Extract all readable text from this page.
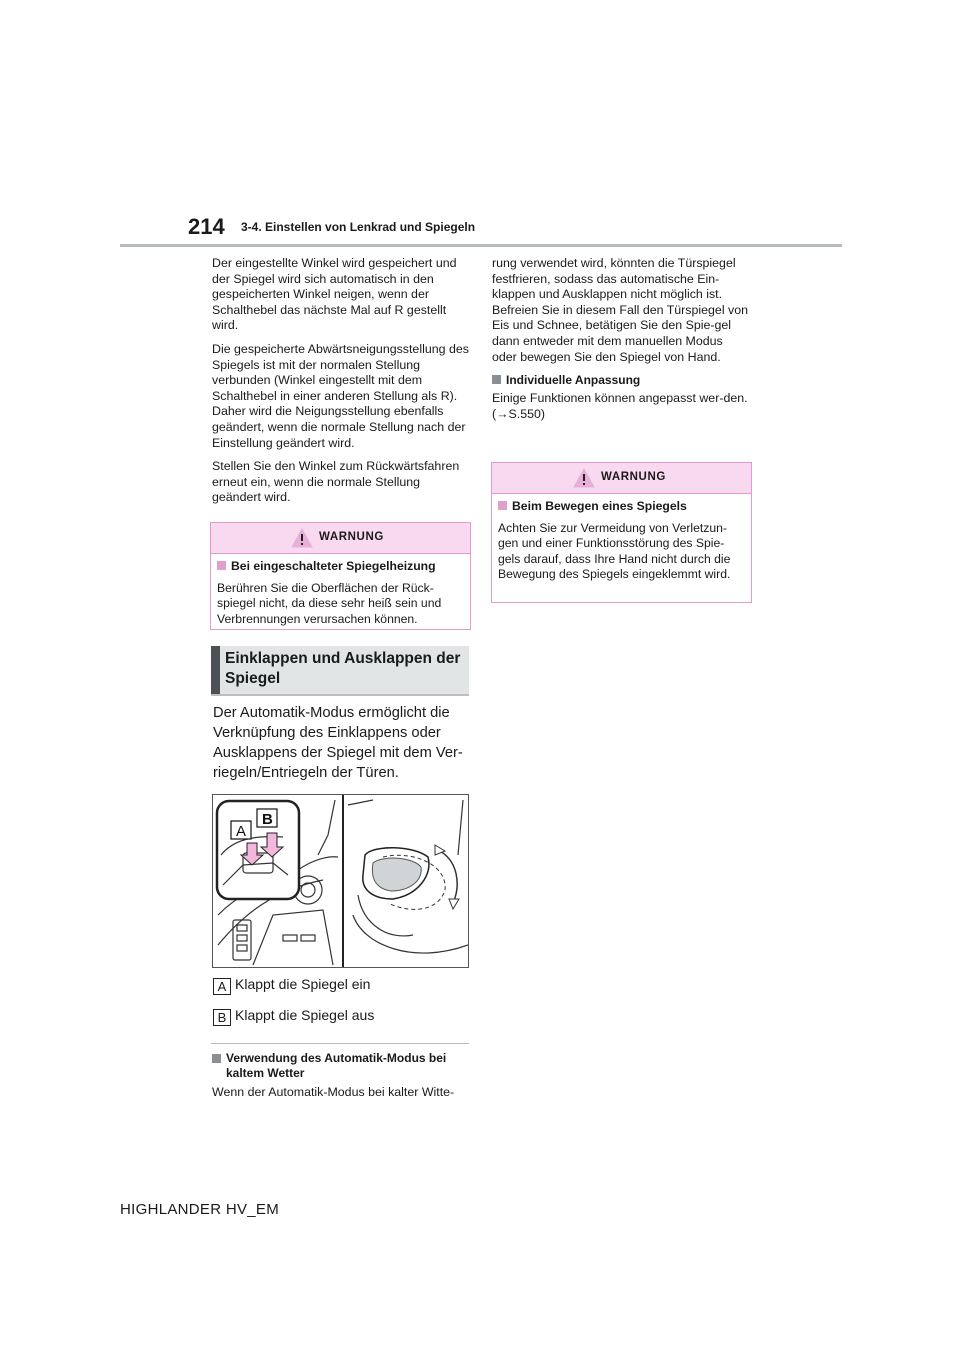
214 3-4. Einstellen von Lenkrad und Spiegeln

Der eingestellte Winkel wird gespeichert und der Spiegel wird sich automatisch in den gespeicherten Winkel neigen, wenn der Schalthebel das nächste Mal auf R gestellt wird.

Die gespeicherte Abwärtsneigungsstellung des Spiegels ist mit der normalen Stellung verbunden (Winkel eingestellt mit dem Schalthebel in einer anderen Stellung als R). Daher wird die Neigungsstellung ebenfalls geändert, wenn die normale Stellung nach der Einstellung geändert wird.

Stellen Sie den Winkel zum Rückwärtsfahren erneut ein, wenn die normale Stellung geändert wird.

WARNUNG
Bei eingeschalteter Spiegelheizung
Berühren Sie die Oberflächen der Rück-spiegel nicht, da diese sehr heiß sein und Verbrennungen verursachen können.
Einklappen und Ausklappen der Spiegel
Der Automatik-Modus ermöglicht die Verknüpfung des Einklappens oder Ausklappens der Spiegel mit dem Ver-riegeln/Entriegeln der Türen.
A
B
A Klappt die Spiegel ein
B Klappt die Spiegel aus
Verwendung des Automatik-Modus bei kaltem Wetter
Wenn der Automatik-Modus bei kalter Witte-

rung verwendet wird, könnten die Türspiegel festfrieren, sodass das automatische Ein-klappen und Ausklappen nicht möglich ist. Befreien Sie in diesem Fall den Türspiegel von Eis und Schnee, betätigen Sie den Spie-gel dann entweder mit dem manuellen Modus oder bewegen Sie den Spiegel von Hand.

Individuelle Anpassung
Einige Funktionen können angepasst wer-den. (→S.550)
WARNUNG
Beim Bewegen eines Spiegels
Achten Sie zur Vermeidung von Verletzun-gen und einer Funktionsstörung des Spie-gels darauf, dass Ihre Hand nicht durch die Bewegung des Spiegels eingeklemmt wird.
HIGHLANDER HV_EM
